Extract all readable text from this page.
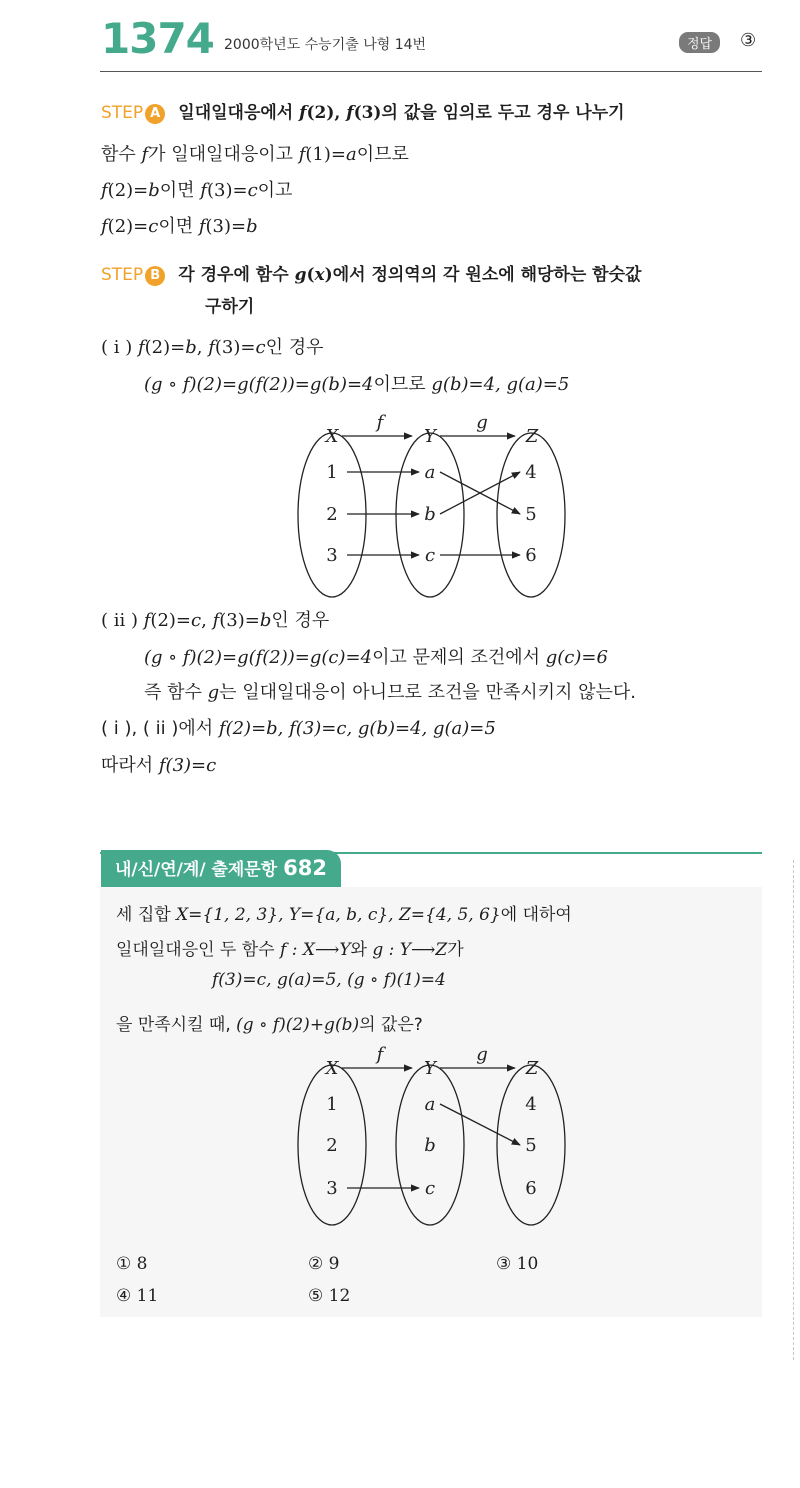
1374 2000학년도 수능기출 나형 14번	정답	③
STEP A 일대일대응에서 f(2), f(3)의 값을 임의로 두고 경우 나누기
함수 f가 일대일대응이고 f(1)=a이므로
f(2)=b이면 f(3)=c이고
f(2)=c이면 f(3)=b
STEP B 각 경우에 함수 g(x)에서 정의역의 각 원소에 해당하는 함숫값
구하기
( i ) f(2)=b, f(3)=c인 경우
(g ∘ f)(2)=g(f(2))=g(b)=4이므로 g(b)=4, g(a)=5
X	Y	Z
f	g
1
2
3
a
b
c
4
5
6
( ii ) f(2)=c, f(3)=b인 경우
(g ∘ f)(2)=g(f(2))=g(c)=4이고 문제의 조건에서 g(c)=6
즉 함수 g는 일대일대응이 아니므로 조건을 만족시키지 않는다.
( i ), ( ii )에서 f(2)=b, f(3)=c, g(b)=4, g(a)=5
따라서 f(3)=c
내/신/연/계/ 출제문항 682
세 집합 X={1, 2, 3}, Y={a, b, c}, Z={4, 5, 6}에 대하여
일대일대응인 두 함수 f : X⟶Y와 g : Y⟶Z가
f(3)=c, g(a)=5, (g ∘ f)(1)=4
을 만족시킬 때, (g ∘ f)(2)+g(b)의 값은?
X	Y	Z
f	g
1
2
3
a
b
c
4
5
6
① 8	② 9	③ 10
④ 11	⑤ 12
